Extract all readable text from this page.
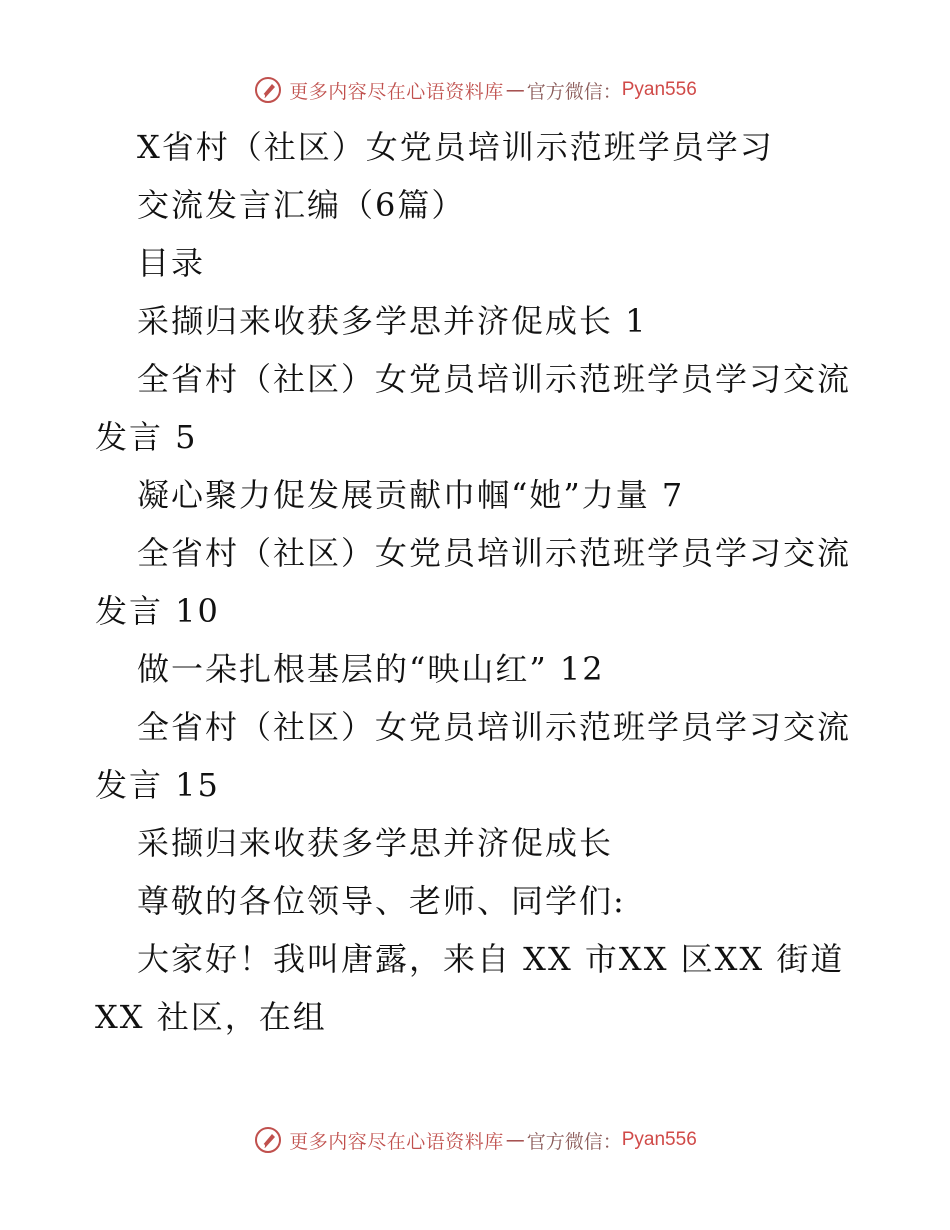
更多内容尽在心语资料库 — 官方微信： Pyan556

X省村（社区）女党员培训示范班学员学习

交流发言汇编（6篇）

目录

采撷归来收获多学思并济促成长 1

全省村（社区）女党员培训示范班学员学习交流发言 5

凝心聚力促发展贡献巾帼“她”力量 7

全省村（社区）女党员培训示范班学员学习交流发言 10

做一朵扎根基层的“映山红” 12

全省村（社区）女党员培训示范班学员学习交流发言 15

采撷归来收获多学思并济促成长

尊敬的各位领导、老师、同学们:

大家好！我叫唐露，来自 XX 市XX 区XX 街道XX 社区，在组

更多内容尽在心语资料库 — 官方微信： Pyan556
